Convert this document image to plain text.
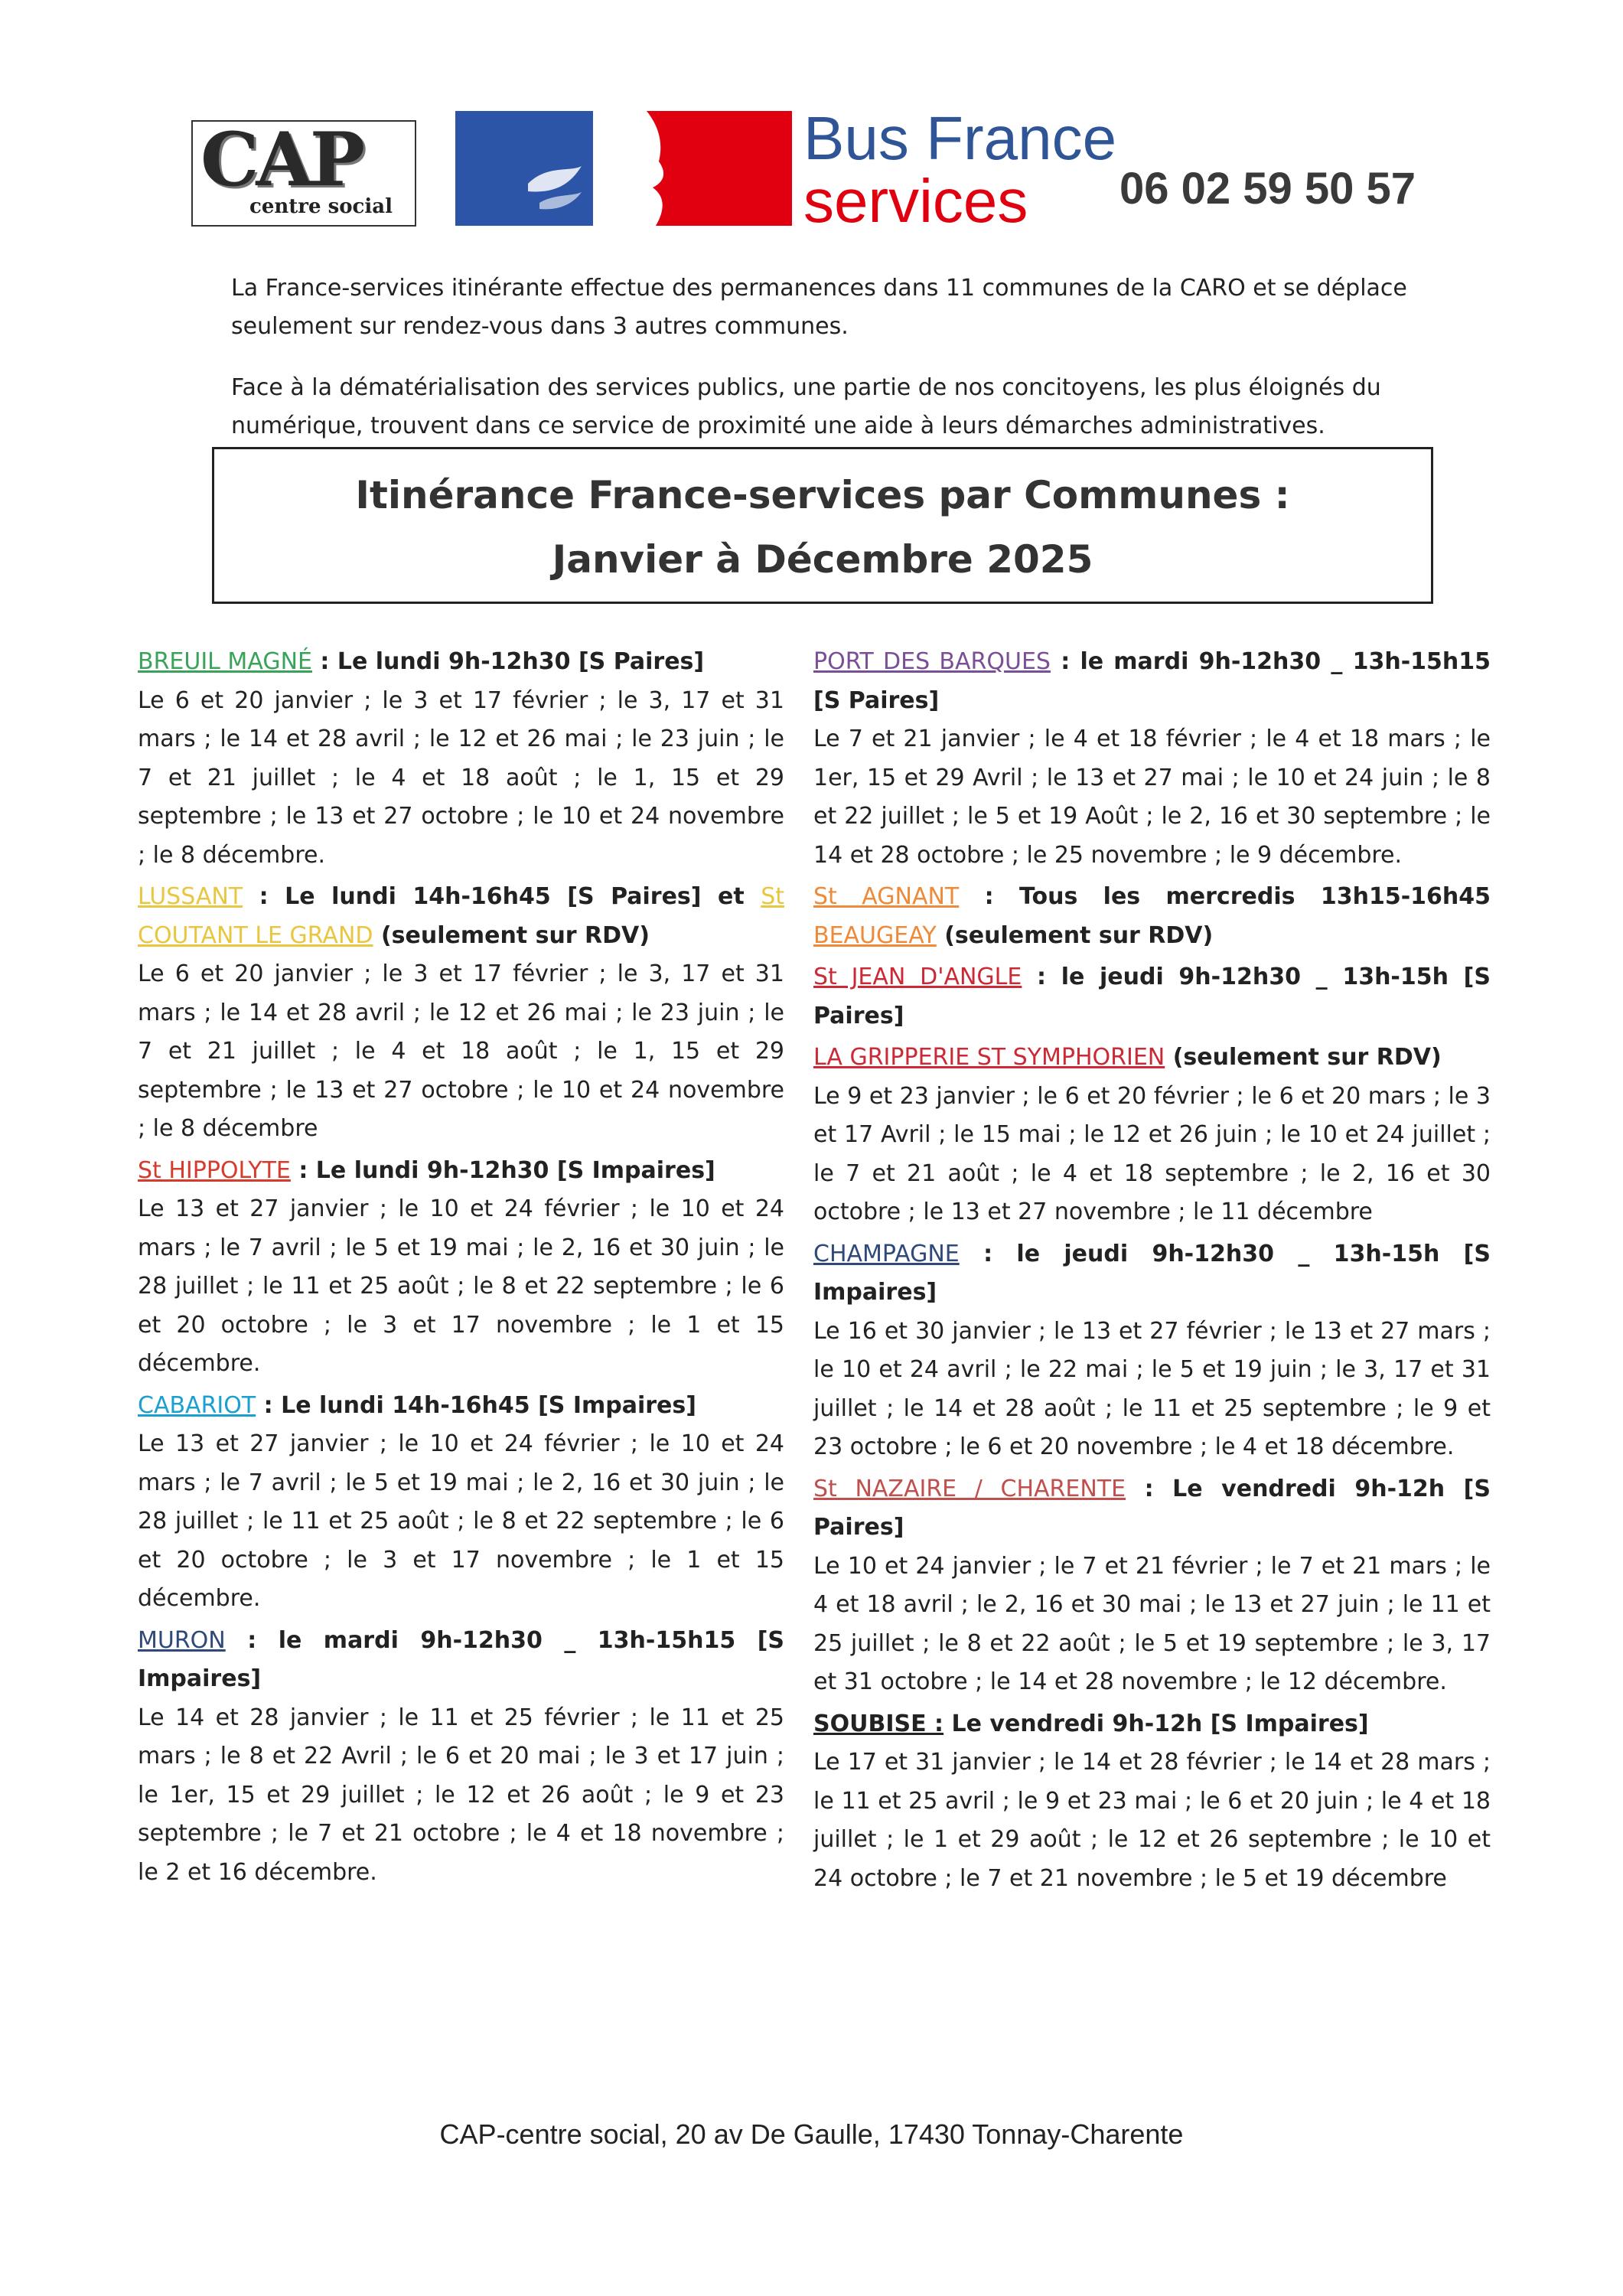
CAP
centre social
Bus France
services 06 02 59 50 57
La France-services itinérante effectue des permanences dans 11 communes de la CARO et se déplace seulement sur rendez-vous dans 3 autres communes.
Face à la dématérialisation des services publics, une partie de nos concitoyens, les plus éloignés du numérique, trouvent dans ce service de proximité une aide à leurs démarches administratives.
Itinérance France-services par Communes :
Janvier à Décembre 2025
BREUIL MAGNÉ : Le lundi 9h-12h30 [S Paires]
Le 6 et 20 janvier ; le 3 et 17 février ; le 3, 17 et 31 mars ; le 14 et 28 avril ; le 12 et 26 mai ; le 23 juin ; le 7 et 21 juillet ; le 4 et 18 août ; le 1, 15 et 29 septembre ; le 13 et 27 octobre ; le 10 et 24 novembre ; le 8 décembre.
LUSSANT : Le lundi 14h-16h45 [S Paires] et St COUTANT LE GRAND (seulement sur RDV)
Le 6 et 20 janvier ; le 3 et 17 février ; le 3, 17 et 31 mars ; le 14 et 28 avril ; le 12 et 26 mai ; le 23 juin ; le 7 et 21 juillet ; le 4 et 18 août ; le 1, 15 et 29 septembre ; le 13 et 27 octobre ; le 10 et 24 novembre ; le 8 décembre
St HIPPOLYTE : Le lundi 9h-12h30 [S Impaires]
Le 13 et 27 janvier ; le 10 et 24 février ; le 10 et 24 mars ; le 7 avril ; le 5 et 19 mai ; le 2, 16 et 30 juin ; le 28 juillet ; le 11 et 25 août ; le 8 et 22 septembre ; le 6 et 20 octobre ; le 3 et 17 novembre ; le 1 et 15 décembre.
CABARIOT : Le lundi 14h-16h45 [S Impaires]
Le 13 et 27 janvier ; le 10 et 24 février ; le 10 et 24 mars ; le 7 avril ; le 5 et 19 mai ; le 2, 16 et 30 juin ; le 28 juillet ; le 11 et 25 août ; le 8 et 22 septembre ; le 6 et 20 octobre ; le 3 et 17 novembre ; le 1 et 15 décembre.
MURON : le mardi 9h-12h30 _ 13h-15h15 [S Impaires]
Le 14 et 28 janvier ; le 11 et 25 février ; le 11 et 25 mars ; le 8 et 22 Avril ; le 6 et 20 mai ; le 3 et 17 juin ; le 1er, 15 et 29 juillet ; le 12 et 26 août ; le 9 et 23 septembre ; le 7 et 21 octobre ; le 4 et 18 novembre ; le 2 et 16 décembre.
PORT DES BARQUES : le mardi 9h-12h30 _ 13h-15h15 [S Paires]
Le 7 et 21 janvier ; le 4 et 18 février ; le 4 et 18 mars ; le 1er, 15 et 29 Avril ; le 13 et 27 mai ; le 10 et 24 juin ; le 8 et 22 juillet ; le 5 et 19 Août ; le 2, 16 et 30 septembre ; le 14 et 28 octobre ; le 25 novembre ; le 9 décembre.
St AGNANT : Tous les mercredis 13h15-16h45 BEAUGEAY (seulement sur RDV)
St JEAN D'ANGLE : le jeudi 9h-12h30 _ 13h-15h [S Paires]
LA GRIPPERIE ST SYMPHORIEN (seulement sur RDV)
Le 9 et 23 janvier ; le 6 et 20 février ; le 6 et 20 mars ; le 3 et 17 Avril ; le 15 mai ; le 12 et 26 juin ; le 10 et 24 juillet ; le 7 et 21 août ; le 4 et 18 septembre ; le 2, 16 et 30 octobre ; le 13 et 27 novembre ; le 11 décembre
CHAMPAGNE : le jeudi 9h-12h30 _ 13h-15h [S Impaires]
Le 16 et 30 janvier ; le 13 et 27 février ; le 13 et 27 mars ; le 10 et 24 avril ; le 22 mai ; le 5 et 19 juin ; le 3, 17 et 31 juillet ; le 14 et 28 août ; le 11 et 25 septembre ; le 9 et 23 octobre ; le 6 et 20 novembre ; le 4 et 18 décembre.
St NAZAIRE / CHARENTE : Le vendredi 9h-12h [S Paires]
Le 10 et 24 janvier ; le 7 et 21 février ; le 7 et 21 mars ; le 4 et 18 avril ; le 2, 16 et 30 mai ; le 13 et 27 juin ; le 11 et 25 juillet ; le 8 et 22 août ; le 5 et 19 septembre ; le 3, 17 et 31 octobre ; le 14 et 28 novembre ; le 12 décembre.
SOUBISE : Le vendredi 9h-12h [S Impaires]
Le 17 et 31 janvier ; le 14 et 28 février ; le 14 et 28 mars ; le 11 et 25 avril ; le 9 et 23 mai ; le 6 et 20 juin ; le 4 et 18 juillet ; le 1 et 29 août ; le 12 et 26 septembre ; le 10 et 24 octobre ; le 7 et 21 novembre ; le 5 et 19 décembre
CAP-centre social, 20 av De Gaulle, 17430 Tonnay-Charente
